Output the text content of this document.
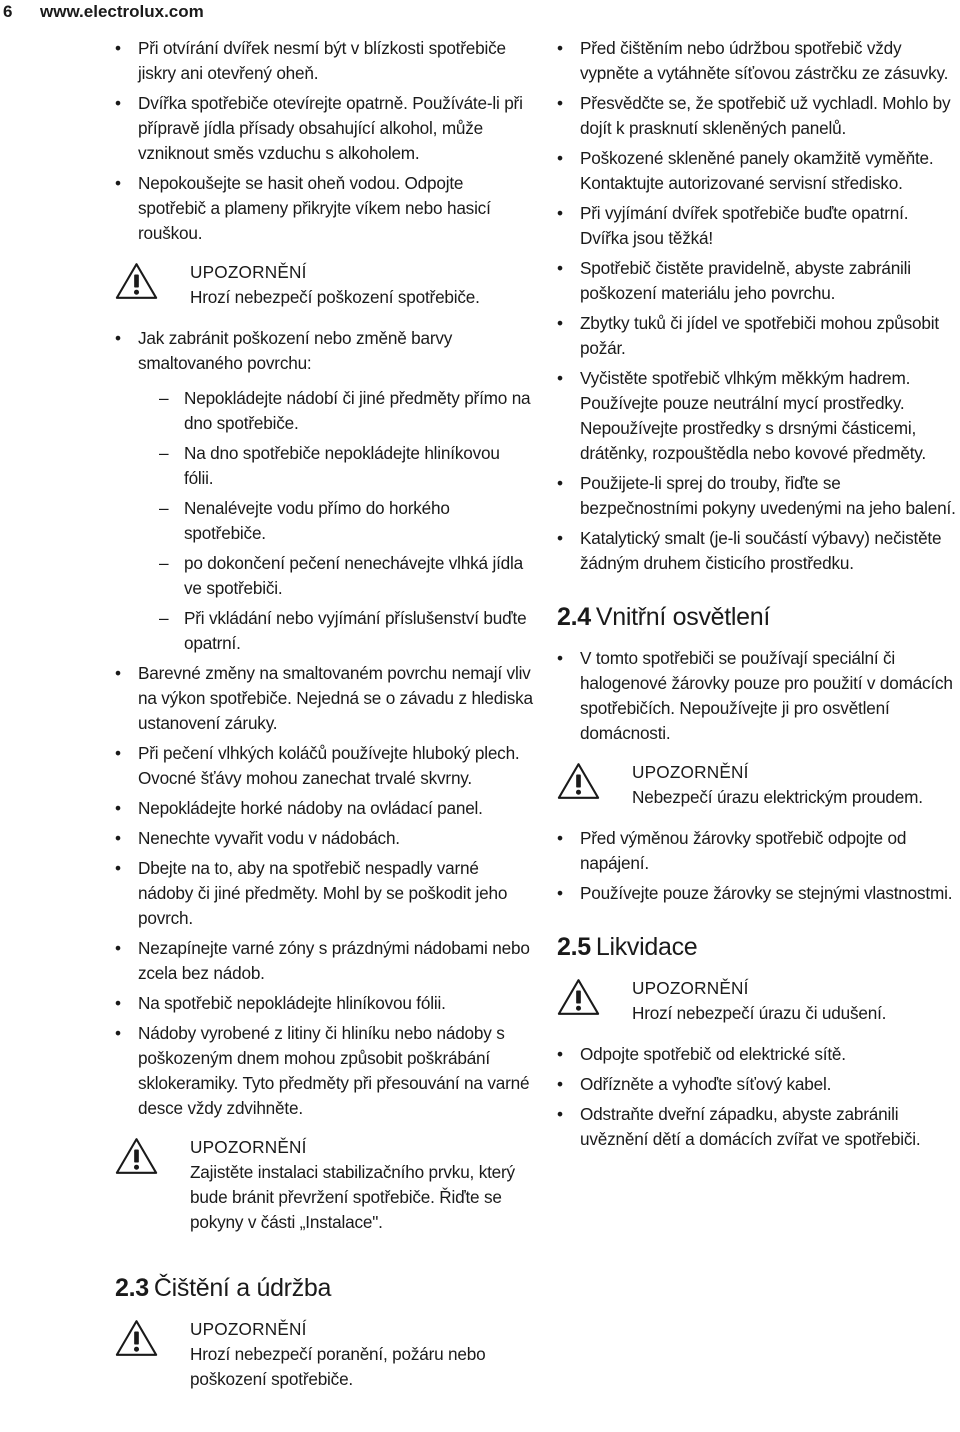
6 www.electrolux.com
• Při otvírání dvířek nesmí být v blízkosti spotřebiče jiskry ani otevřený oheň.
• Dvířka spotřebiče otevírejte opatrně. Používáte-li při přípravě jídla přísady obsahující alkohol, může vzniknout směs vzduchu s alkoholem.
• Nepokoušejte se hasit oheň vodou. Odpojte spotřebič a plameny přikryjte víkem nebo hasicí rouškou.
UPOZORNĚNÍ
Hrozí nebezpečí poškození spotřebiče.
• Jak zabránit poškození nebo změně barvy smaltovaného povrchu:
– Nepokládejte nádobí či jiné předměty přímo na dno spotřebiče.
– Na dno spotřebiče nepokládejte hliníkovou fólii.
– Nenalévejte vodu přímo do horkého spotřebiče.
– po dokončení pečení nenechávejte vlhká jídla ve spotřebiči.
– Při vkládání nebo vyjímání příslušenství buďte opatrní.
• Barevné změny na smaltovaném povrchu nemají vliv na výkon spotřebiče. Nejedná se o závadu z hlediska ustanovení záruky.
• Při pečení vlhkých koláčů používejte hluboký plech. Ovocné šťávy mohou zanechat trvalé skvrny.
• Nepokládejte horké nádoby na ovládací panel.
• Nenechte vyvařit vodu v nádobách.
• Dbejte na to, aby na spotřebič nespadly varné nádoby či jiné předměty. Mohl by se poškodit jeho povrch.
• Nezapínejte varné zóny s prázdnými nádobami nebo zcela bez nádob.
• Na spotřebič nepokládejte hliníkovou fólii.
• Nádoby vyrobené z litiny či hliníku nebo nádoby s poškozeným dnem mohou způsobit poškrábání sklokeramiky. Tyto předměty při přesouvání na varné desce vždy zdvihněte.
UPOZORNĚNÍ
Zajistěte instalaci stabilizačního prvku, který bude bránit převržení spotřebiče. Řiďte se pokyny v části „Instalace".
2.3 Čištění a údržba
UPOZORNĚNÍ
Hrozí nebezpečí poranění, požáru nebo poškození spotřebiče.
• Před čištěním nebo údržbou spotřebič vždy vypněte a vytáhněte síťovou zástrčku ze zásuvky.
• Přesvědčte se, že spotřebič už vychladl. Mohlo by dojít k prasknutí skleněných panelů.
• Poškozené skleněné panely okamžitě vyměňte. Kontaktujte autorizované servisní středisko.
• Při vyjímání dvířek spotřebiče buďte opatrní. Dvířka jsou těžká!
• Spotřebič čistěte pravidelně, abyste zabránili poškození materiálu jeho povrchu.
• Zbytky tuků či jídel ve spotřebiči mohou způsobit požár.
• Vyčistěte spotřebič vlhkým měkkým hadrem. Používejte pouze neutrální mycí prostředky. Nepoužívejte prostředky s drsnými částicemi, drátěnky, rozpouštědla nebo kovové předměty.
• Použijete-li sprej do trouby, řiďte se bezpečnostními pokyny uvedenými na jeho balení.
• Katalytický smalt (je-li součástí výbavy) nečistěte žádným druhem čisticího prostředku.
2.4 Vnitřní osvětlení
• V tomto spotřebiči se používají speciální či halogenové žárovky pouze pro použití v domácích spotřebičích. Nepoužívejte ji pro osvětlení domácnosti.
UPOZORNĚNÍ
Nebezpečí úrazu elektrickým proudem.
• Před výměnou žárovky spotřebič odpojte od napájení.
• Používejte pouze žárovky se stejnými vlastnostmi.
2.5 Likvidace
UPOZORNĚNÍ
Hrozí nebezpečí úrazu či udušení.
• Odpojte spotřebič od elektrické sítě.
• Odřízněte a vyhoďte síťový kabel.
• Odstraňte dveřní západku, abyste zabránili uvěznění dětí a domácích zvířat ve spotřebiči.
